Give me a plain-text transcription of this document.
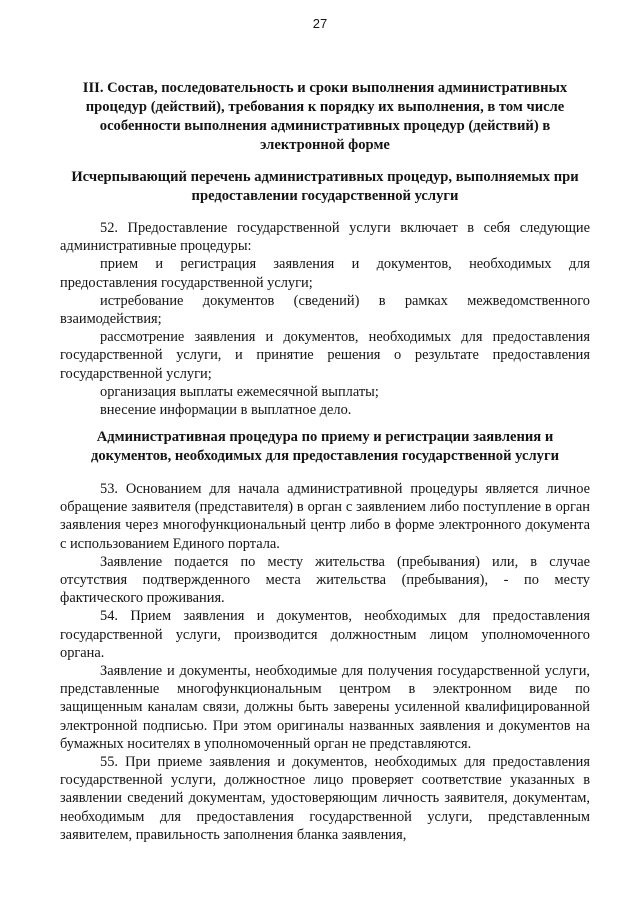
27
III. Состав, последовательность и сроки выполнения административных процедур (действий), требования к порядку их выполнения, в том числе особенности выполнения административных процедур (действий) в электронной форме
Исчерпывающий перечень административных процедур, выполняемых при предоставлении государственной услуги

52. Предоставление государственной услуги включает в себя следующие административные процедуры:

прием и регистрация заявления и документов, необходимых для предоставления государственной услуги;

истребование документов (сведений) в рамках межведомственного взаимодействия;

рассмотрение заявления и документов, необходимых для предоставления государственной услуги, и принятие решения о результате предоставления государственной услуги;

организация выплаты ежемесячной выплаты;

внесение информации в выплатное дело.

Административная процедура по приему и регистрации заявления и документов, необходимых для предоставления государственной услуги

53. Основанием для начала административной процедуры является личное обращение заявителя (представителя) в орган с заявлением либо поступление в орган заявления через многофункциональный центр либо в форме электронного документа с использованием Единого портала.

Заявление подается по месту жительства (пребывания) или, в случае отсутствия подтвержденного места жительства (пребывания), - по месту фактического проживания.

54. Прием заявления и документов, необходимых для предоставления государственной услуги, производится должностным лицом уполномоченного органа.

Заявление и документы, необходимые для получения государственной услуги, представленные многофункциональным центром в электронном виде по защищенным каналам связи, должны быть заверены усиленной квалифицированной электронной подписью. При этом оригиналы названных заявления и документов на бумажных носителях в уполномоченный орган не представляются.

55. При приеме заявления и документов, необходимых для предоставления государственной услуги, должностное лицо проверяет соответствие указанных в заявлении сведений документам, удостоверяющим личность заявителя, документам, необходимым для предоставления государственной услуги, представленным заявителем, правильность заполнения бланка заявления,
